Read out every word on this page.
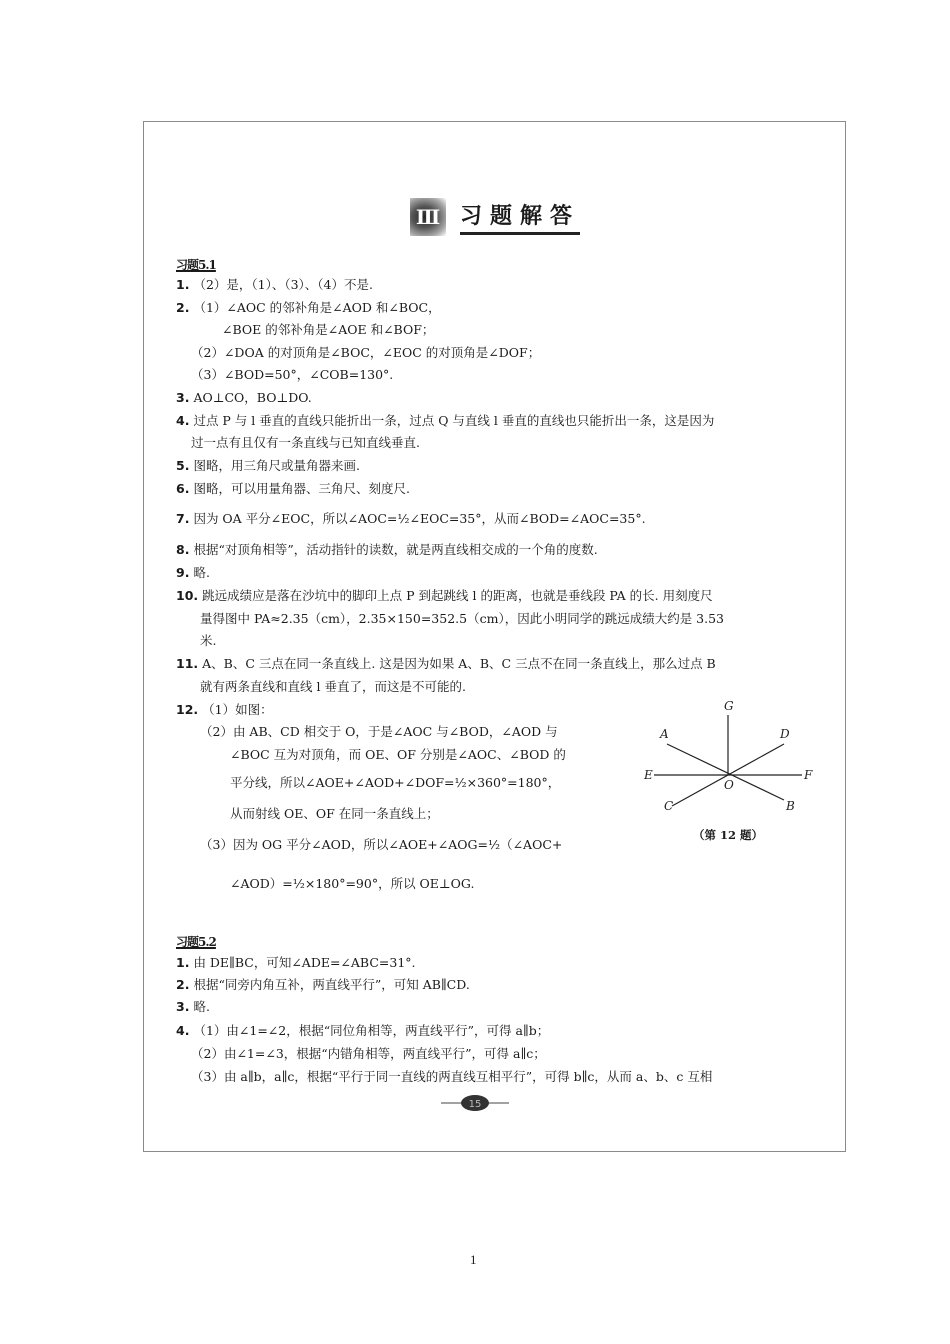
Ⅲ 习题解答
习题5.1
习题5.2
1. （2）是，（1）、（3）、（4）不是.
2. （1）∠AOC 的邻补角是∠AOD 和∠BOC，
∠BOE 的邻补角是∠AOE 和∠BOF；
（2）∠DOA 的对顶角是∠BOC，∠EOC 的对顶角是∠DOF；
（3）∠BOD=50°，∠COB=130°.
3. AO⊥CO，BO⊥DO.
4. 过点 P 与 l 垂直的直线只能折出一条，过点 Q 与直线 l 垂直的直线也只能折出一条，这是因为
过一点有且仅有一条直线与已知直线垂直.
5. 图略，用三角尺或量角器来画.
6. 图略，可以用量角器、三角尺、刻度尺.
7. 因为 OA 平分∠EOC，所以∠AOC=½∠EOC=35°，从而∠BOD=∠AOC=35°.
8. 根据“对顶角相等”，活动指针的读数，就是两直线相交成的一个角的度数.
9. 略.
10. 跳远成绩应是落在沙坑中的脚印上点 P 到起跳线 l 的距离，也就是垂线段 PA 的长. 用刻度尺
量得图中 PA≈2.35（cm），2.35×150=352.5（cm），因此小明同学的跳远成绩大约是 3.53
米.
11. A、B、C 三点在同一条直线上. 这是因为如果 A、B、C 三点不在同一条直线上，那么过点 B
就有两条直线和直线 l 垂直了，而这是不可能的.
12. （1）如图：
（2）由 AB、CD 相交于 O，于是∠AOC 与∠BOD，∠AOD 与
∠BOC 互为对顶角，而 OE、OF 分别是∠AOC、∠BOD 的
平分线，所以∠AOE+∠AOD+∠DOF=½×360°=180°，
从而射线 OE、OF 在同一条直线上；
（3）因为 OG 平分∠AOD，所以∠AOE+∠AOG=½（∠AOC+
∠AOD）=½×180°=90°，所以 OE⊥OG.
1. 由 DE∥BC，可知∠ADE=∠ABC=31°.
2. 根据“同旁内角互补，两直线平行”，可知 AB∥CD.
3. 略.
4. （1）由∠1=∠2，根据“同位角相等，两直线平行”，可得 a∥b；
（2）由∠1=∠3，根据“内错角相等，两直线平行”，可得 a∥c；
（3）由 a∥b，a∥c，根据“平行于同一直线的两直线互相平行”，可得 b∥c，从而 a、b、c 互相
G
A	D
E
O
F
C	B
（第 12 题）
15
1
